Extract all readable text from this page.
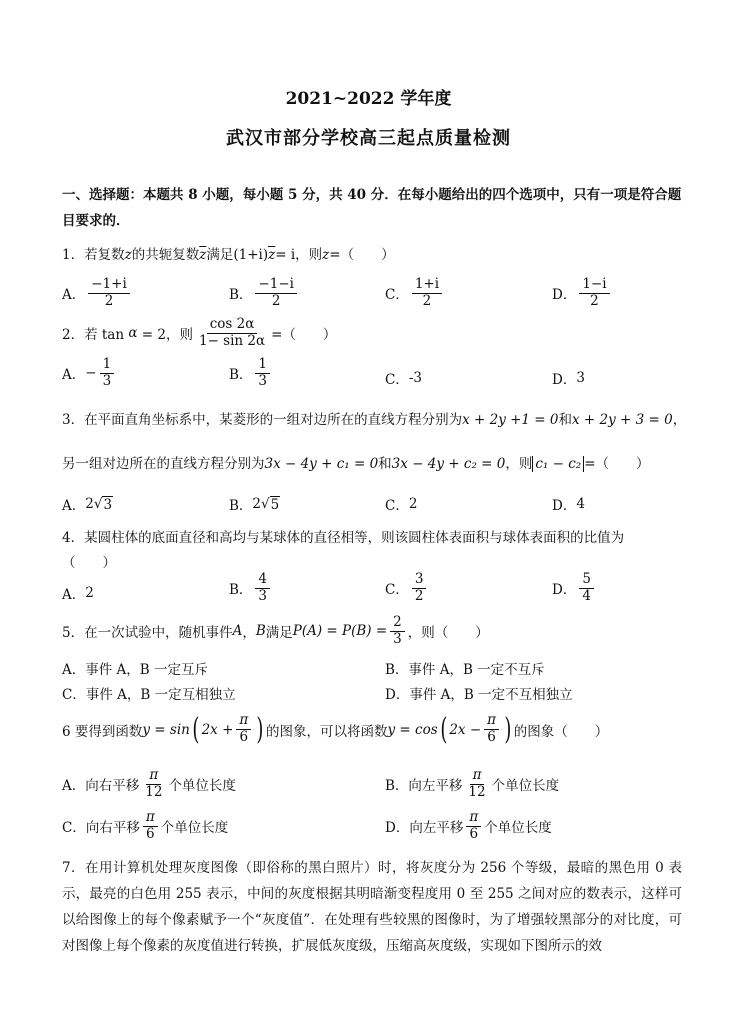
2021~2022 学年度
武汉市部分学校高三起点质量检测
一、选择题：本题共 8 小题，每小题 5 分，共 40 分．在每小题给出的四个选项中，只有一项是符合题目要求的．
1．若复数z的共轭复数$\overline{z}$满足$(1+i)\overline{z}= i$，则z=（　　）
A． $\frac{-1+i}{2}$	B． $\frac{-1-i}{2}$	C． $\frac{1+i}{2}$	D． $\frac{1-i}{2}$
2．若 tan
α
= 2，则 $\frac{\cos 2\alpha}{1- \sin 2\alpha}$ =（　　）
A． − $\frac{1}{3}$	B． $\frac{1}{3}$	C． -3	D． 3
3．在平面直角坐标系中，某菱形的一组对边所在的直线方程分别为x + 2y +1 = 0和x + 2y + 3 = 0，
另一组对边所在的直线方程分别为3x − 4y + c₁ = 0和3x − 4y + c₂ = 0，则 c₁ − c₂ =（　　）
A． 2 √ 3	B． 2 √ 5	C． 2	D． 4
4．某圆柱体的底面直径和高均与某球体的直径相等，则该圆柱体表面积与球体表面积的比值为
（　　）
A． 2	B． $\frac{4}{3}$	C． $\frac{3}{2}$	D． $\frac{5}{4}$
5．在一次试验中，随机事件 A ， B 满足 $P(A) = P(B) = \frac{2}{3}$ ，则（　　）
A． 事件 A，B 一定互斥	B． 事件 A，B 一定不互斥
C． 事件 A，B 一定互相独立	D． 事件 A，B 一定不互相独立
6 要得到函数 y = sin ( $2x + \frac{\pi}{6}$ ) 的图象，可以将函数 y = cos ( $2x - \frac{\pi}{6}$ ) 的图象（　　）
A． 向右平移 $\frac{\pi}{12}$ 个单位长度	B． 向左平移 $\frac{\pi}{12}$ 个单位长度
C． 向右平移 $\frac{\pi}{6}$ 个单位长度	D． 向左平移 $\frac{\pi}{6}$ 个单位长度
7．在用计算机处理灰度图像（即俗称的黑白照片）时，将灰度分为 256 个等级，最暗的黑色用 0 表示，最亮的白色用 255 表示，中间的灰度根据其明暗渐变程度用 0 至 255 之间对应的数表示，这样可以给图像上的每个像素赋予一个“灰度值”．在处理有些较黑的图像时，为了增强较黑部分的对比度，可对图像上每个像素的灰度值进行转换，扩展低灰度级，压缩高灰度级，实现如下图所示的效
